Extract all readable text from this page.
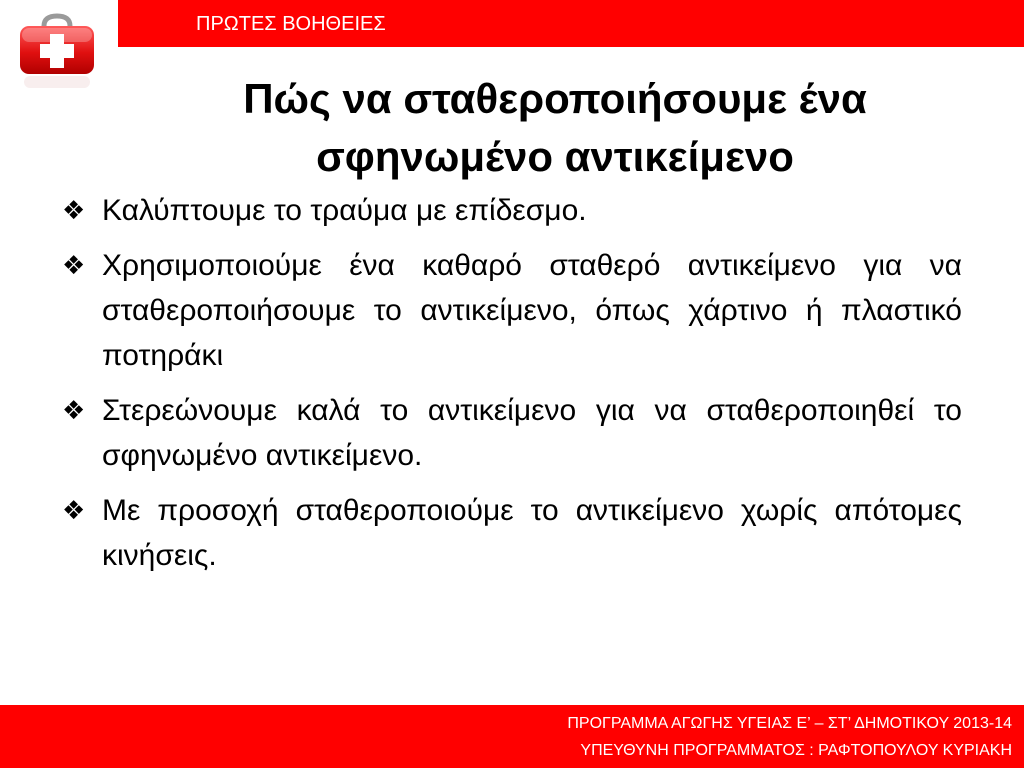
ΠΡΩΤΕΣ ΒΟΗΘΕΙΕΣ
Πώς να σταθεροποιήσουμε ένα σφηνωμένο αντικείμενο
❖ Καλύπτουμε το τραύμα με επίδεσμο.
❖ Χρησιμοποιούμε ένα καθαρό σταθερό αντικείμενο για να σταθεροποιήσουμε το αντικείμενο, όπως χάρτινο ή πλαστικό ποτηράκι
❖ Στερεώνουμε καλά το αντικείμενο για να σταθεροποιηθεί το σφηνωμένο αντικείμενο.
❖ Με προσοχή σταθεροποιούμε το αντικείμενο χωρίς απότομες κινήσεις.
ΠΡΟΓΡΑΜΜΑ ΑΓΩΓΗΣ ΥΓΕΙΑΣ Ε’ – ΣΤ’ ΔΗΜΟΤΙΚΟΥ 2013-14
ΥΠΕΥΘΥΝΗ ΠΡΟΓΡΑΜΜΑΤΟΣ : ΡΑΦΤΟΠΟΥΛΟΥ ΚΥΡΙΑΚΗ
